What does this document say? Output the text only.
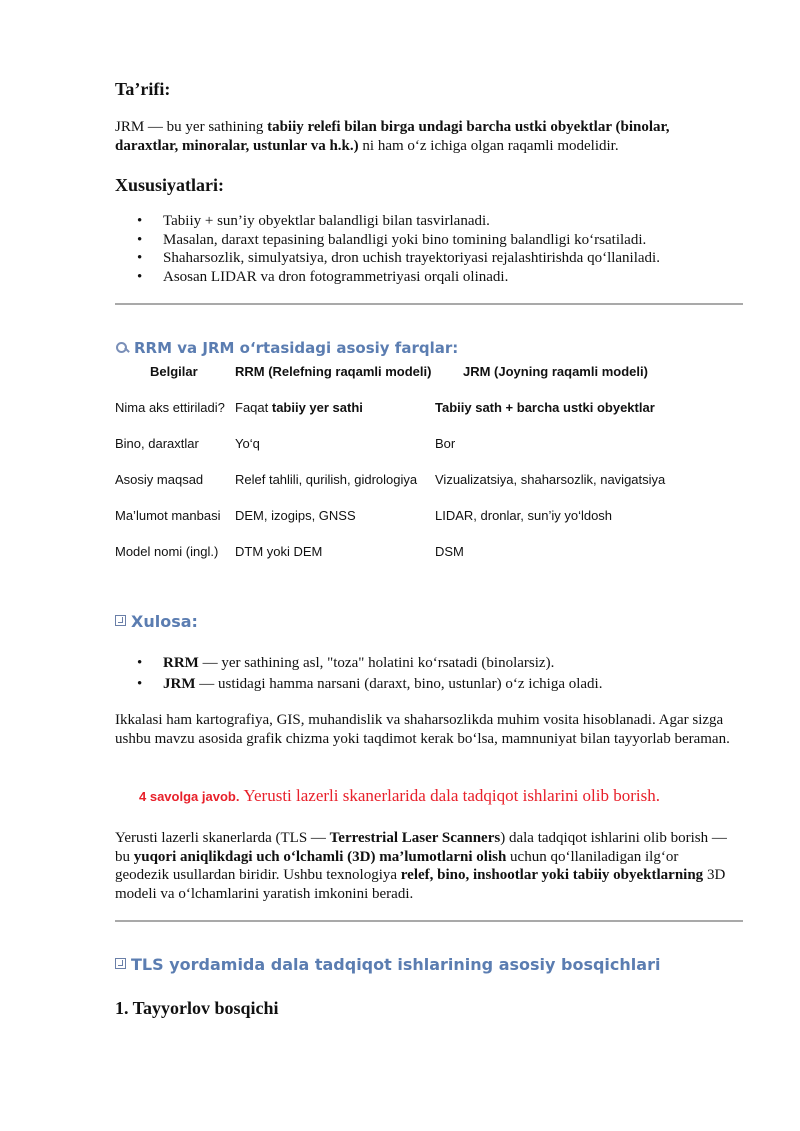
Ta’rifi:

JRM — bu yer sathining tabiiy relefi bilan birga undagi barcha ustki obyektlar (binolar, daraxtlar, minoralar, ustunlar va h.k.) ni ham o‘z ichiga olgan raqamli modelidir.

Xususiyatlari:
• Tabiiy + sun’iy obyektlar balandligi bilan tasvirlanadi.
• Masalan, daraxt tepasining balandligi yoki bino tomining balandligi ko‘rsatiladi.
• Shaharsozlik, simulyatsiya, dron uchish trayektoriyasi rejalashtirishda qo‘llaniladi.
• Asosan LIDAR va dron fotogrammetriyasi orqali olinadi.
RRM va JRM o‘rtasidagi asosiy farqlar:
Belgilar	RRM (Relefning raqamli modeli)	JRM (Joyning raqamli modeli)
Nima aks ettiriladi?	Faqat tabiiy yer sathi	Tabiiy sath + barcha ustki obyektlar
Bino, daraxtlar	Yo‘q	Bor
Asosiy maqsad	Relef tahlili, qurilish, gidrologiya	Vizualizatsiya, shaharsozlik, navigatsiya
Ma’lumot manbasi	DEM, izogips, GNSS	LIDAR, dronlar, sun’iy yo‘ldosh
Model nomi (ingl.)	DTM yoki DEM	DSM
Xulosa:
• RRM — yer sathining asl, "toza" holatini ko‘rsatadi (binolarsiz).
• JRM — ustidagi hamma narsani (daraxt, bino, ustunlar) o‘z ichiga oladi.

Ikkalasi ham kartografiya, GIS, muhandislik va shaharsozlikda muhim vosita hisoblanadi. Agar sizga ushbu mavzu asosida grafik chizma yoki taqdimot kerak bo‘lsa, mamnuniyat bilan tayyorlab beraman.

4 savolga javob. Yerusti lazerli skanerlarida dala tadqiqot ishlarini olib borish.

Yerusti lazerli skanerlarda (TLS — Terrestrial Laser Scanners) dala tadqiqot ishlarini olib borish — bu yuqori aniqlikdagi uch o‘lchamli (3D) ma’lumotlarni olish uchun qo‘llaniladigan ilg‘or geodezik usullardan biridir. Ushbu texnologiya relef, bino, inshootlar yoki tabiiy obyektlarning 3D modeli va o‘lchamlarini yaratish imkonini beradi.

TLS yordamida dala tadqiqot ishlarining asosiy bosqichlari
1. Tayyorlov bosqichi
